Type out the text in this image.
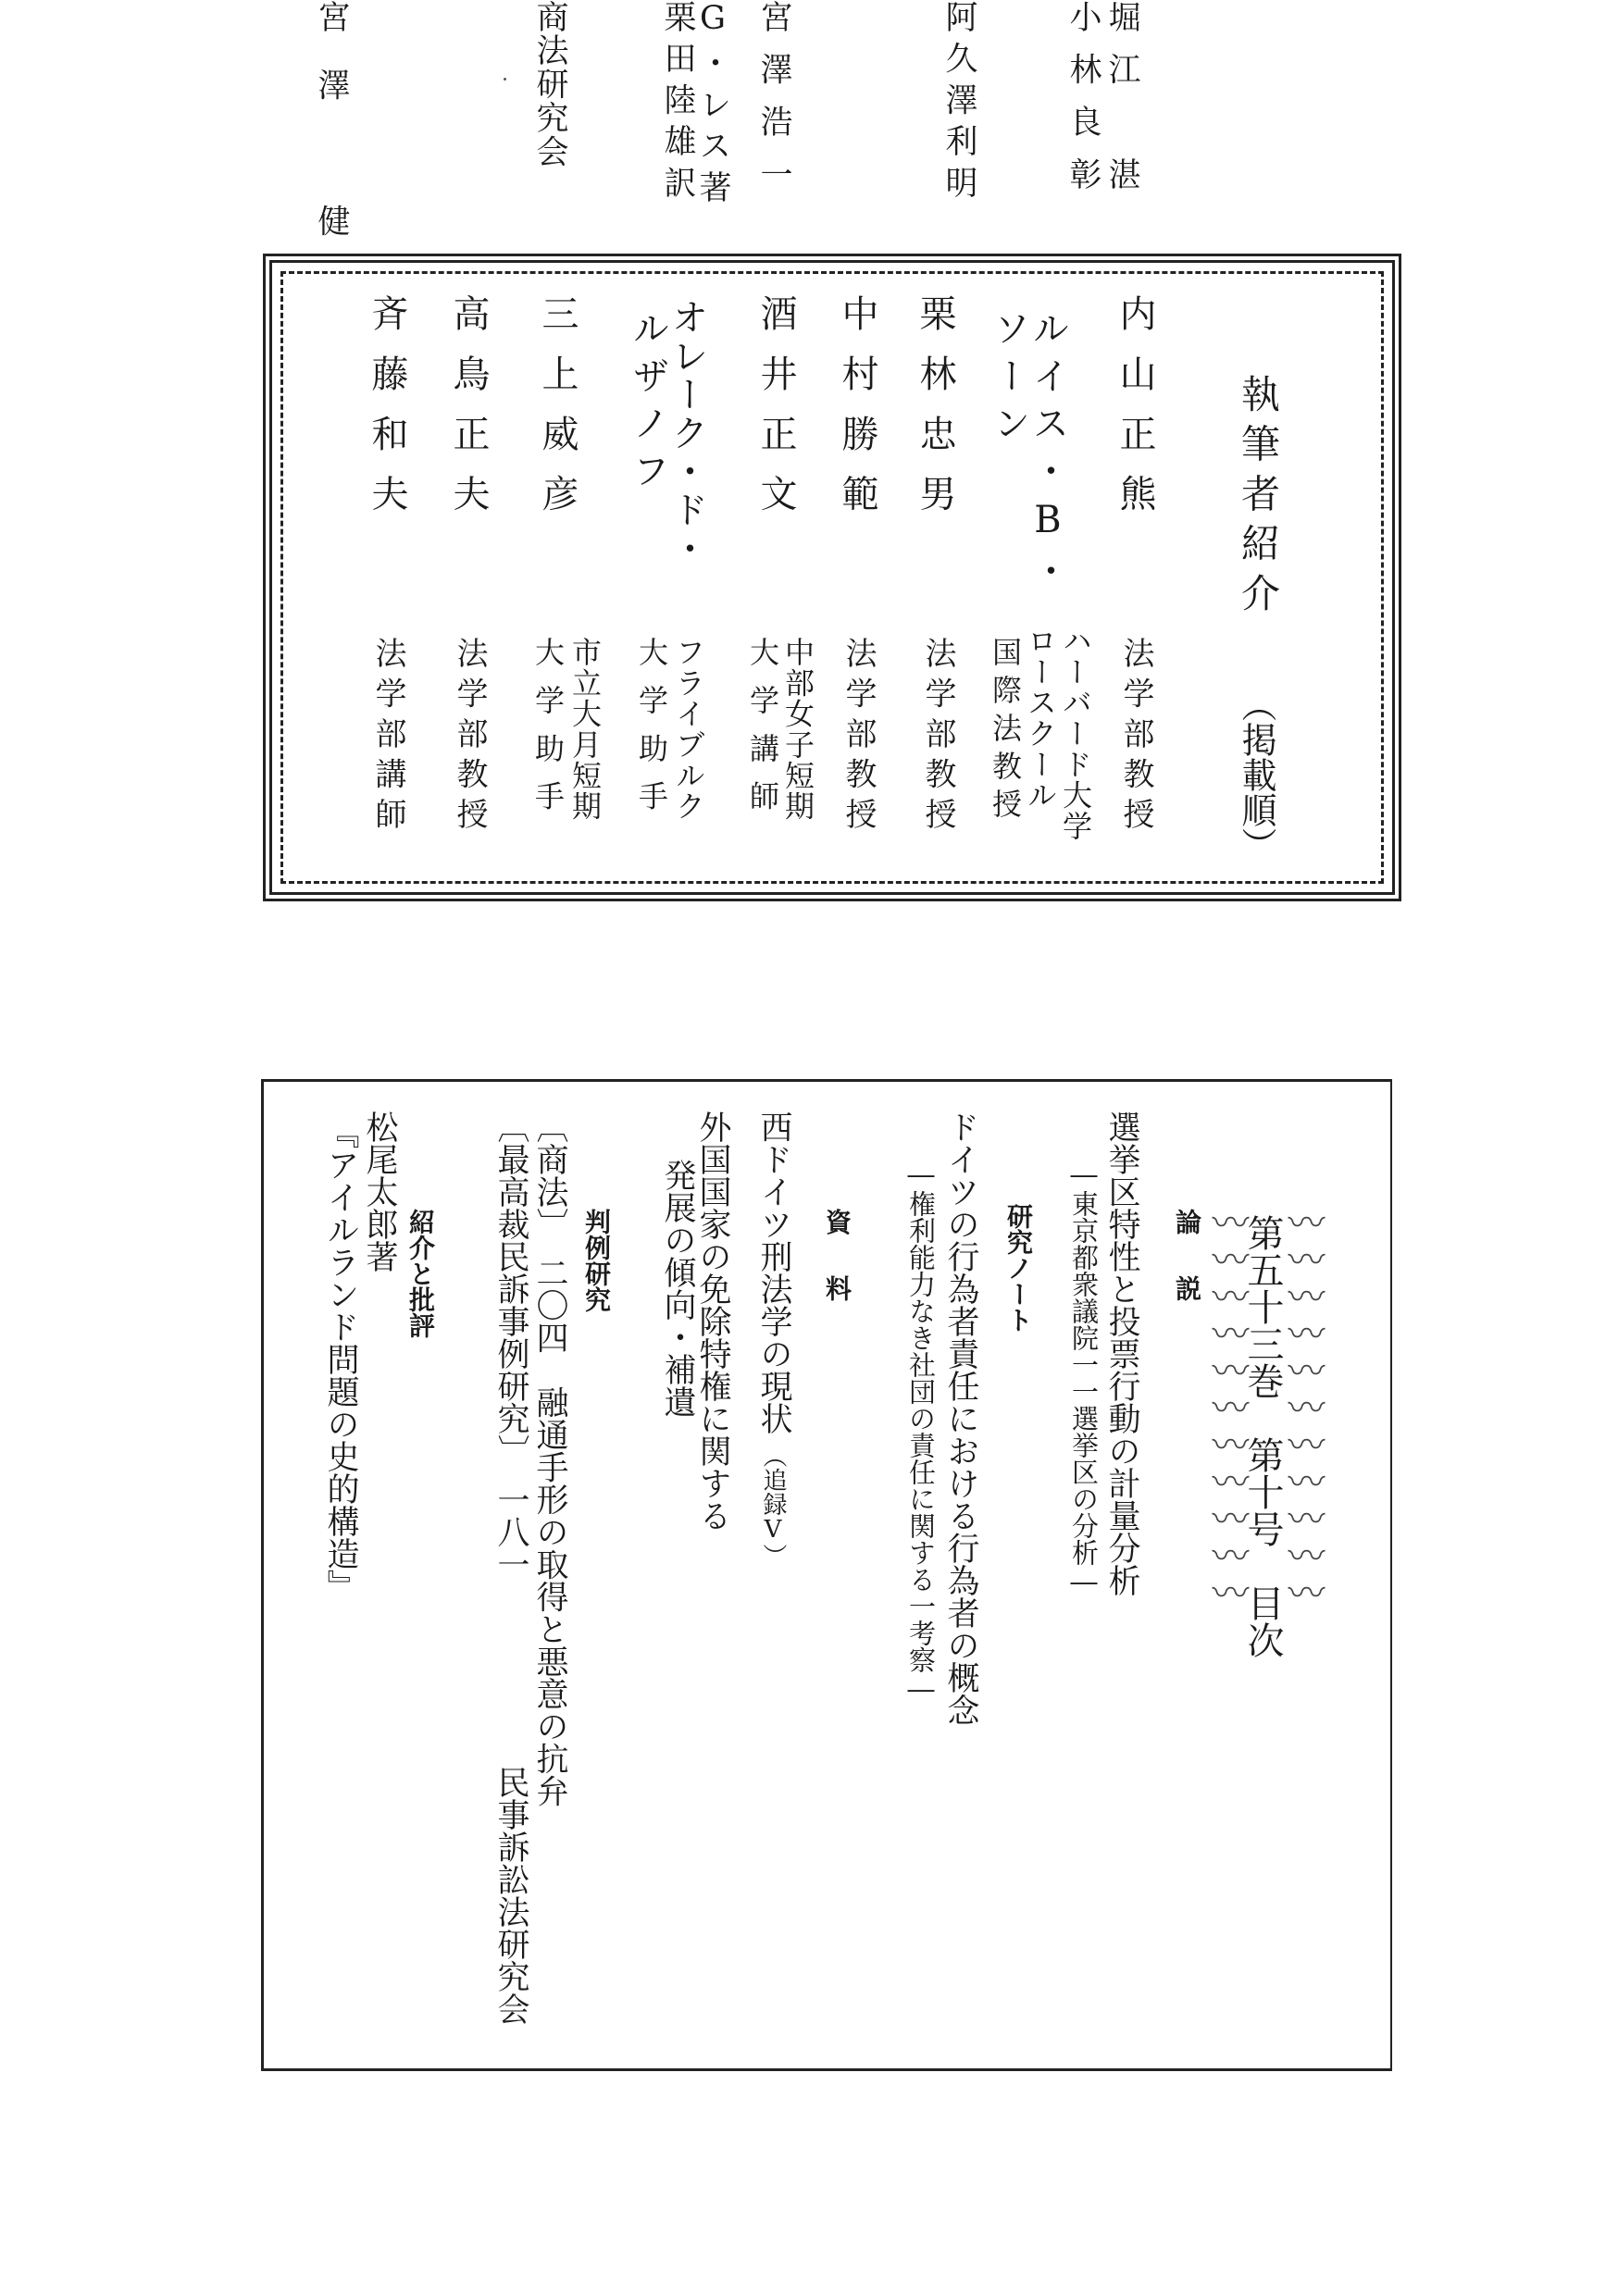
執筆者紹介
（掲載順）
内山正熊
ルイス・B・
ソーン
栗林忠男
中村勝範
酒井正文
オレーク・ド・
ルザノフ
三上威彦
高鳥正夫
斉藤和夫
法学部教授
ハーバード大学
ロースクール
国際法教授
法学部教授
法学部教授
中部女子短期
大学講師
フライブルク
大学助手
市立大月短期
大学助手
法学部教授
法学部講師
〰〰〰〰〰〰〰〰〰〰〰
第五十三巻　第十号　目次
〰〰〰〰〰〰〰〰〰〰〰
論　説
選挙区特性と投票行動の計量分析
―東京都衆議院一一選挙区の分析―
堀江　湛
小林良彰
研究ノート
ドイツの行為者責任における行為者の概念
―権利能力なき社団の責任に関する一考察―
阿久澤利明
資　料
西ドイツ刑法学の現状
（追録Ⅴ）
宮澤浩一
外国国家の免除特権に関する
発展の傾向・補遺
G・レス著
栗田陸雄訳
判例研究
〔商法〕　二〇四　融通手形の取得と悪意の抗弁
商法研究会
〔最高裁民訴事例研究〕　一八一
民事訴訟法研究会
紹介と批評
松尾太郎著
『アイルランド問題の史的構造』
宮澤　健
